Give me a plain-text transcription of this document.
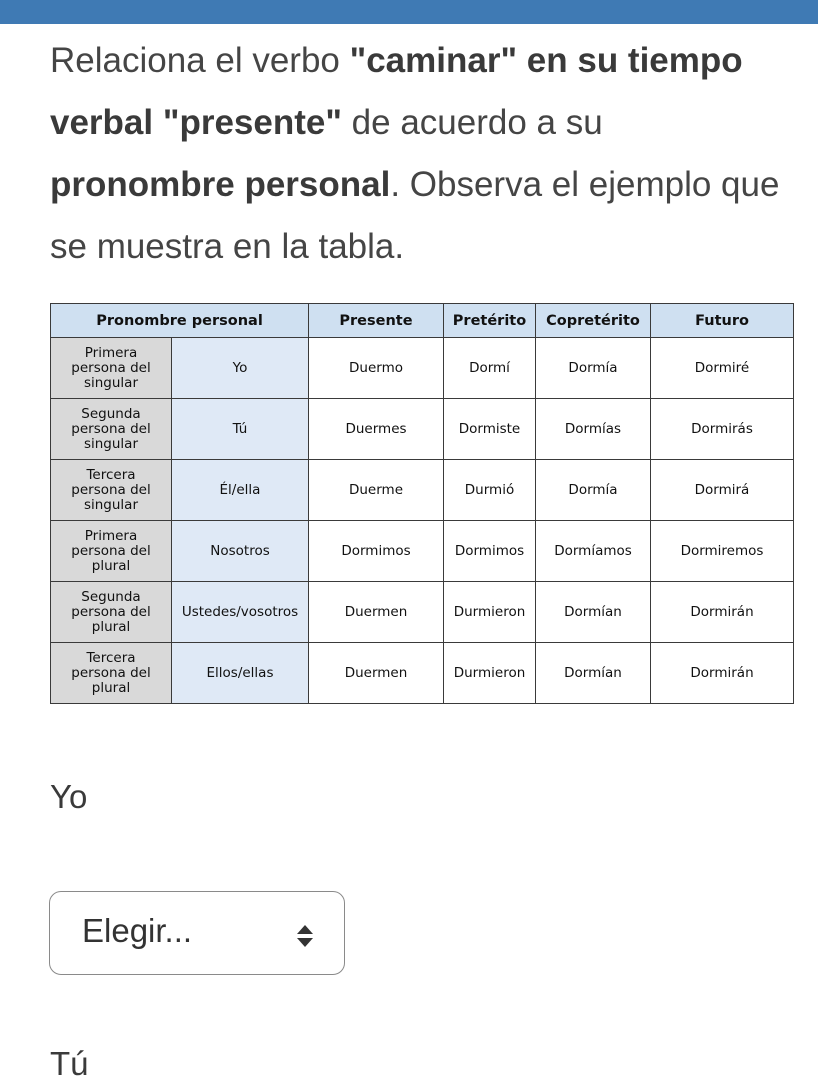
Relaciona el verbo "caminar" en su tiempo verbal "presente" de acuerdo a su pronombre personal. Observa el ejemplo que se muestra en la tabla.

Pronombre personal		Presente	Pretérito	Copretérito	Futuro
Primera
persona del
singular	Yo	Duermo	Dormí	Dormía	Dormiré
Segunda
persona del
singular	Tú	Duermes	Dormiste	Dormías	Dormirás
Tercera
persona del
singular	Él/ella	Duerme	Durmió	Dormía	Dormirá
Primera
persona del
plural	Nosotros	Dormimos	Dormimos	Dormíamos	Dormiremos
Segunda
persona del
plural	Ustedes/vosotros	Duermen	Durmieron	Dormían	Dormirán
Tercera
persona del
plural	Ellos/ellas	Duermen	Durmieron	Dormían	Dormirán

Yo

Elegir...

Tú
